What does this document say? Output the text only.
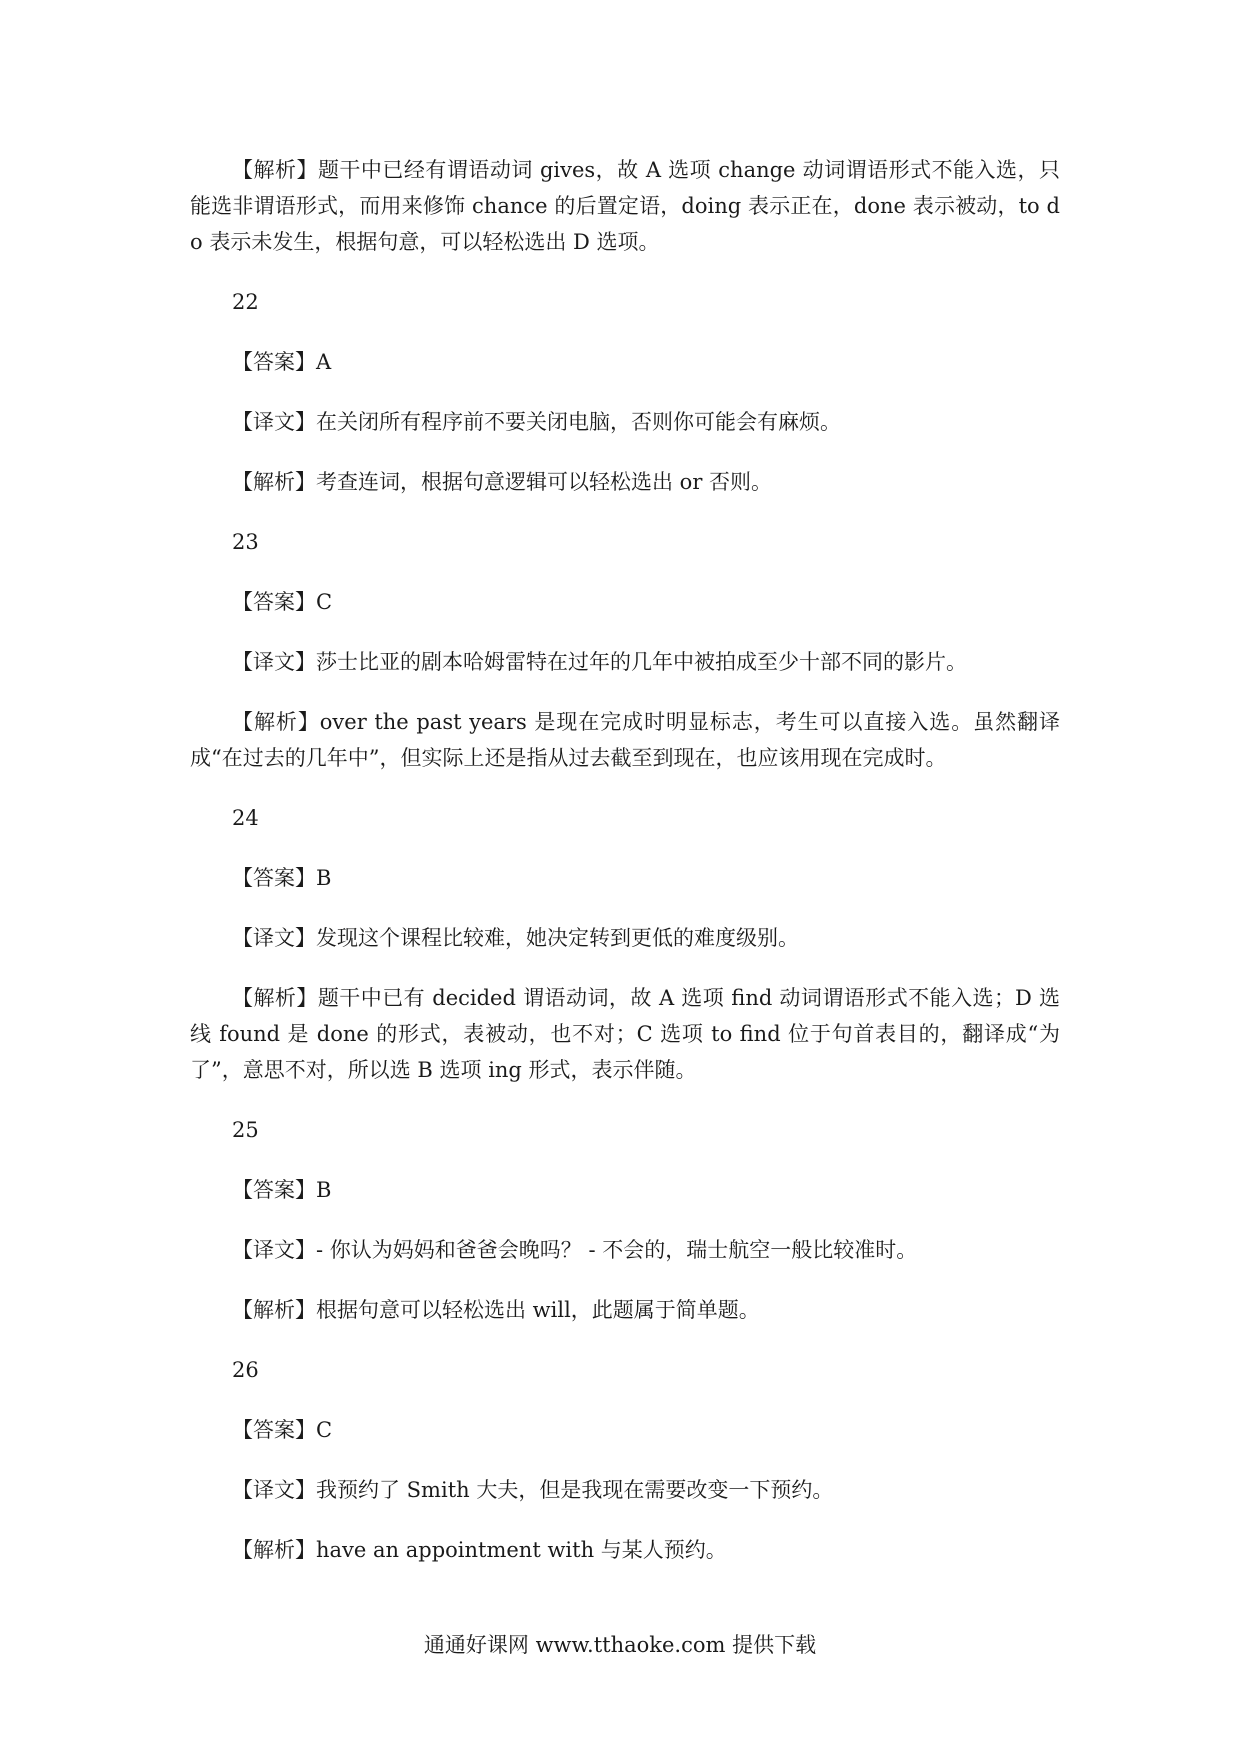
【解析】题干中已经有谓语动词 gives，故 A 选项 change 动词谓语形式不能入选，只能选非谓语形式，而用来修饰 chance 的后置定语，doing 表示正在，done 表示被动，to do 表示未发生，根据句意，可以轻松选出 D 选项。

22

【答案】A

【译文】在关闭所有程序前不要关闭电脑，否则你可能会有麻烦。

【解析】考查连词，根据句意逻辑可以轻松选出 or 否则。

23

【答案】C

【译文】莎士比亚的剧本哈姆雷特在过年的几年中被拍成至少十部不同的影片。

【解析】over the past years 是现在完成时明显标志，考生可以直接入选。虽然翻译成“在过去的几年中”，但实际上还是指从过去截至到现在，也应该用现在完成时。

24

【答案】B

【译文】发现这个课程比较难，她决定转到更低的难度级别。

【解析】题干中已有 decided 谓语动词，故 A 选项 find 动词谓语形式不能入选；D 选线 found 是 done 的形式，表被动，也不对；C 选项 to find 位于句首表目的，翻译成“为了”，意思不对，所以选 B 选项 ing 形式，表示伴随。

25

【答案】B

【译文】- 你认为妈妈和爸爸会晚吗？ - 不会的，瑞士航空一般比较准时。

【解析】根据句意可以轻松选出 will，此题属于简单题。

26

【答案】C

【译文】我预约了 Smith 大夫，但是我现在需要改变一下预约。

【解析】have an appointment with 与某人预约。

通通好课网 www.tthaoke.com 提供下载
